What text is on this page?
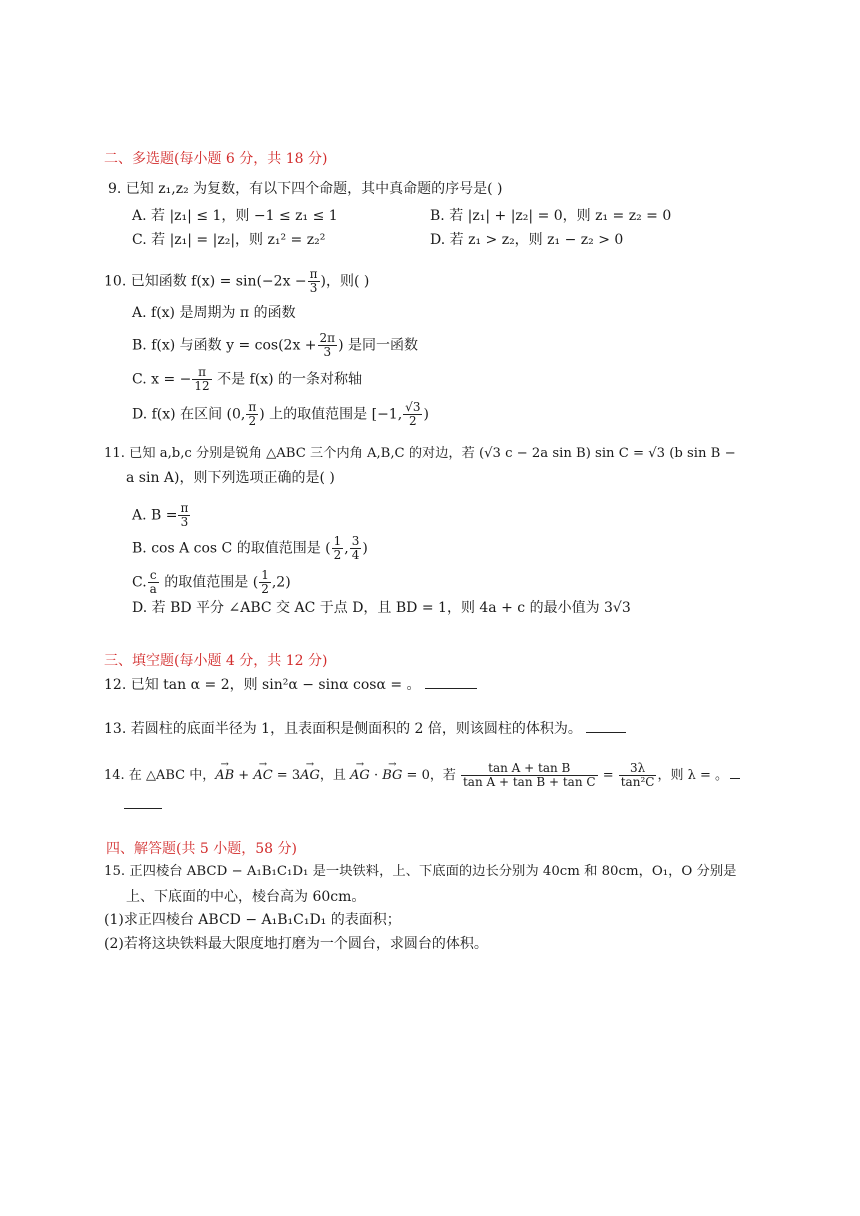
二、多选题(每小题 6 分，共 18 分)
9. 已知 z₁,z₂ 为复数，有以下四个命题，其中真命题的序号是( )
A. 若 |z₁| ≤ 1，则 −1 ≤ z₁ ≤ 1	B. 若 |z₁| + |z₂| = 0，则 z₁ = z₂ = 0
C. 若 |z₁| = |z₂|，则 z₁² = z₂²	D. 若 z₁ > z₂，则 z₁ − z₂ > 0
10. 已知函数 $f(x) = \sin(-2x - \frac{\pi}{3}$ )，则( )
A. f(x) 是周期为 π 的函数
B. f(x) 与函数 $y = \cos(2x + \frac{2\pi}{3}$ ) 是同一函数
C. x = − $\frac{\pi}{12}$ 不是 f(x) 的一条对称轴
D. f(x) 在区间 (0, $\frac{\pi}{2}$ ) 上的取值范围是 [−1, $\frac{√3}{2}$ )
11. 已知 a,b,c 分别是锐角 △ABC 三个内角 A,B,C 的对边，若 (√3 c − 2a sin B) sin C = √3 (b sin B −
a sin A)，则下列选项正确的是( )
A. $B = \frac{\pi}{3}$
B. cos A cos C 的取值范围是 ( $\frac{1}{2}$ , $\frac{3}{4}$ )
C. $\frac{c}{a}$ 的取值范围是 ( $\frac{1}{2} ,2$)
D. 若 BD 平分 ∠ABC 交 AC 于点 D，且 BD = 1，则 4a + c 的最小值为 3√3
三、填空题(每小题 4 分，共 12 分)
12. 已知 tan α = 2，则 sin²α − sinα cosα = 。
13. 若圆柱的底面半径为 1，且表面积是侧面积的 2 倍，则该圆柱的体积为。
14. 在 △ABC 中，→ AB + → AC = 3→ AG，且 → AG · → BG = 0，若 $\frac{\text{tan A + tan B}}{\text{tan A + tan B + tan C}} = \frac{3\lambda}{\text{tan²C}}$ ，则 λ = 。
四、解答题(共 5 小题，58 分)
15. 正四棱台 ABCD − A₁B₁C₁D₁ 是一块铁料，上、下底面的边长分别为 40cm 和 80cm，O₁，O 分别是
上、下底面的中心，棱台高为 60cm。
(1)求正四棱台 ABCD − A₁B₁C₁D₁ 的表面积；
(2)若将这块铁料最大限度地打磨为一个圆台，求圆台的体积。
